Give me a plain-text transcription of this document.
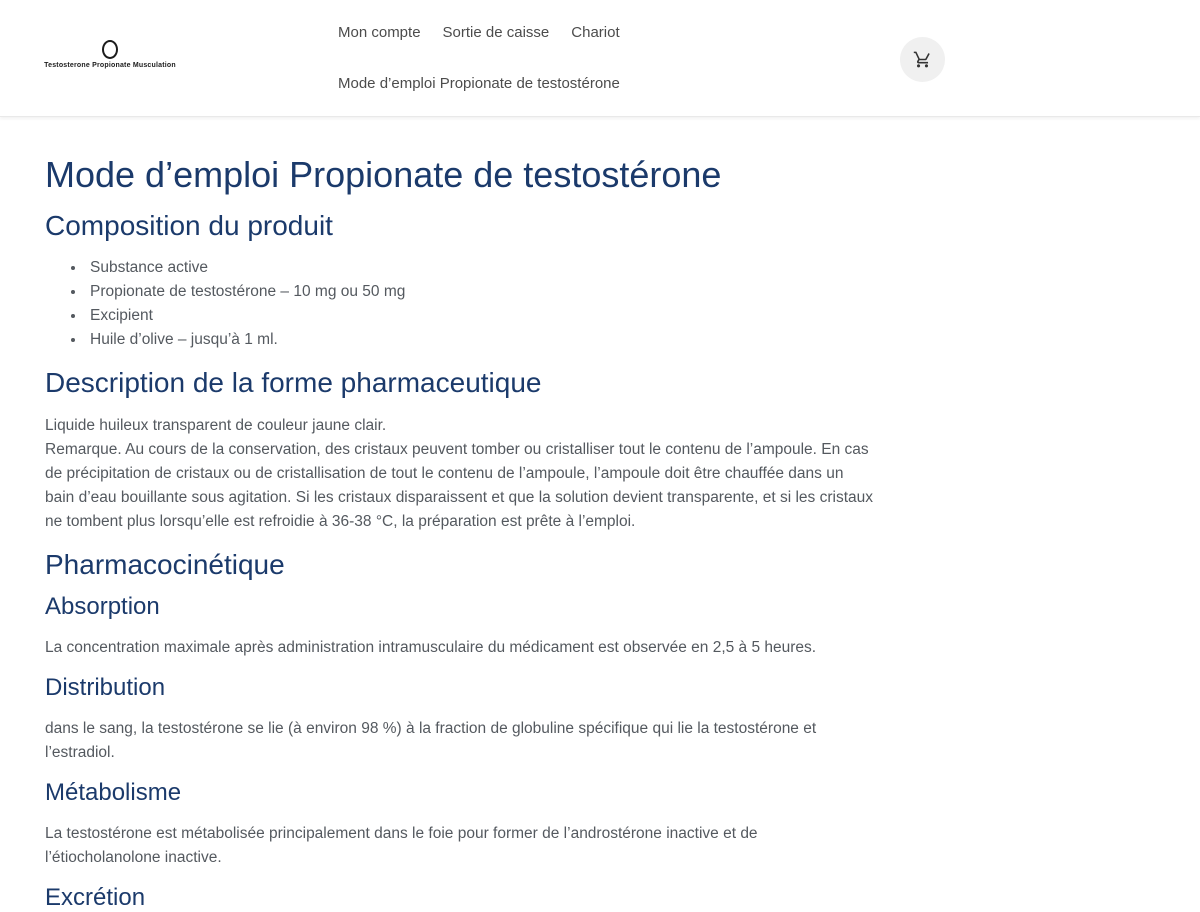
Testosterone Propionate Musculation
Mon compte Sortie de caisse Chariot
Mode d’emploi Propionate de testostérone
Mode d’emploi Propionate de testostérone
Composition du produit
• Substance active
• Propionate de testostérone – 10 mg ou 50 mg
• Excipient
• Huile d’olive – jusqu’à 1 ml.
Description de la forme pharmaceutique

Liquide huileux transparent de couleur jaune clair.
Remarque. Au cours de la conservation, des cristaux peuvent tomber ou cristalliser tout le contenu de l’ampoule. En cas de précipitation de cristaux ou de cristallisation de tout le contenu de l’ampoule, l’ampoule doit être chauffée dans un bain d’eau bouillante sous agitation. Si les cristaux disparaissent et que la solution devient transparente, et si les cristaux ne tombent plus lorsqu’elle est refroidie à 36-38 °C, la préparation est prête à l’emploi.

Pharmacocinétique
Absorption

La concentration maximale après administration intramusculaire du médicament est observée en 2,5 à 5 heures.

Distribution

dans le sang, la testostérone se lie (à environ 98 %) à la fraction de globuline spécifique qui lie la testostérone et l’estradiol.

Métabolisme

La testostérone est métabolisée principalement dans le foie pour former de l’androstérone inactive et de l’étiocholanolone inactive.

Excrétion
